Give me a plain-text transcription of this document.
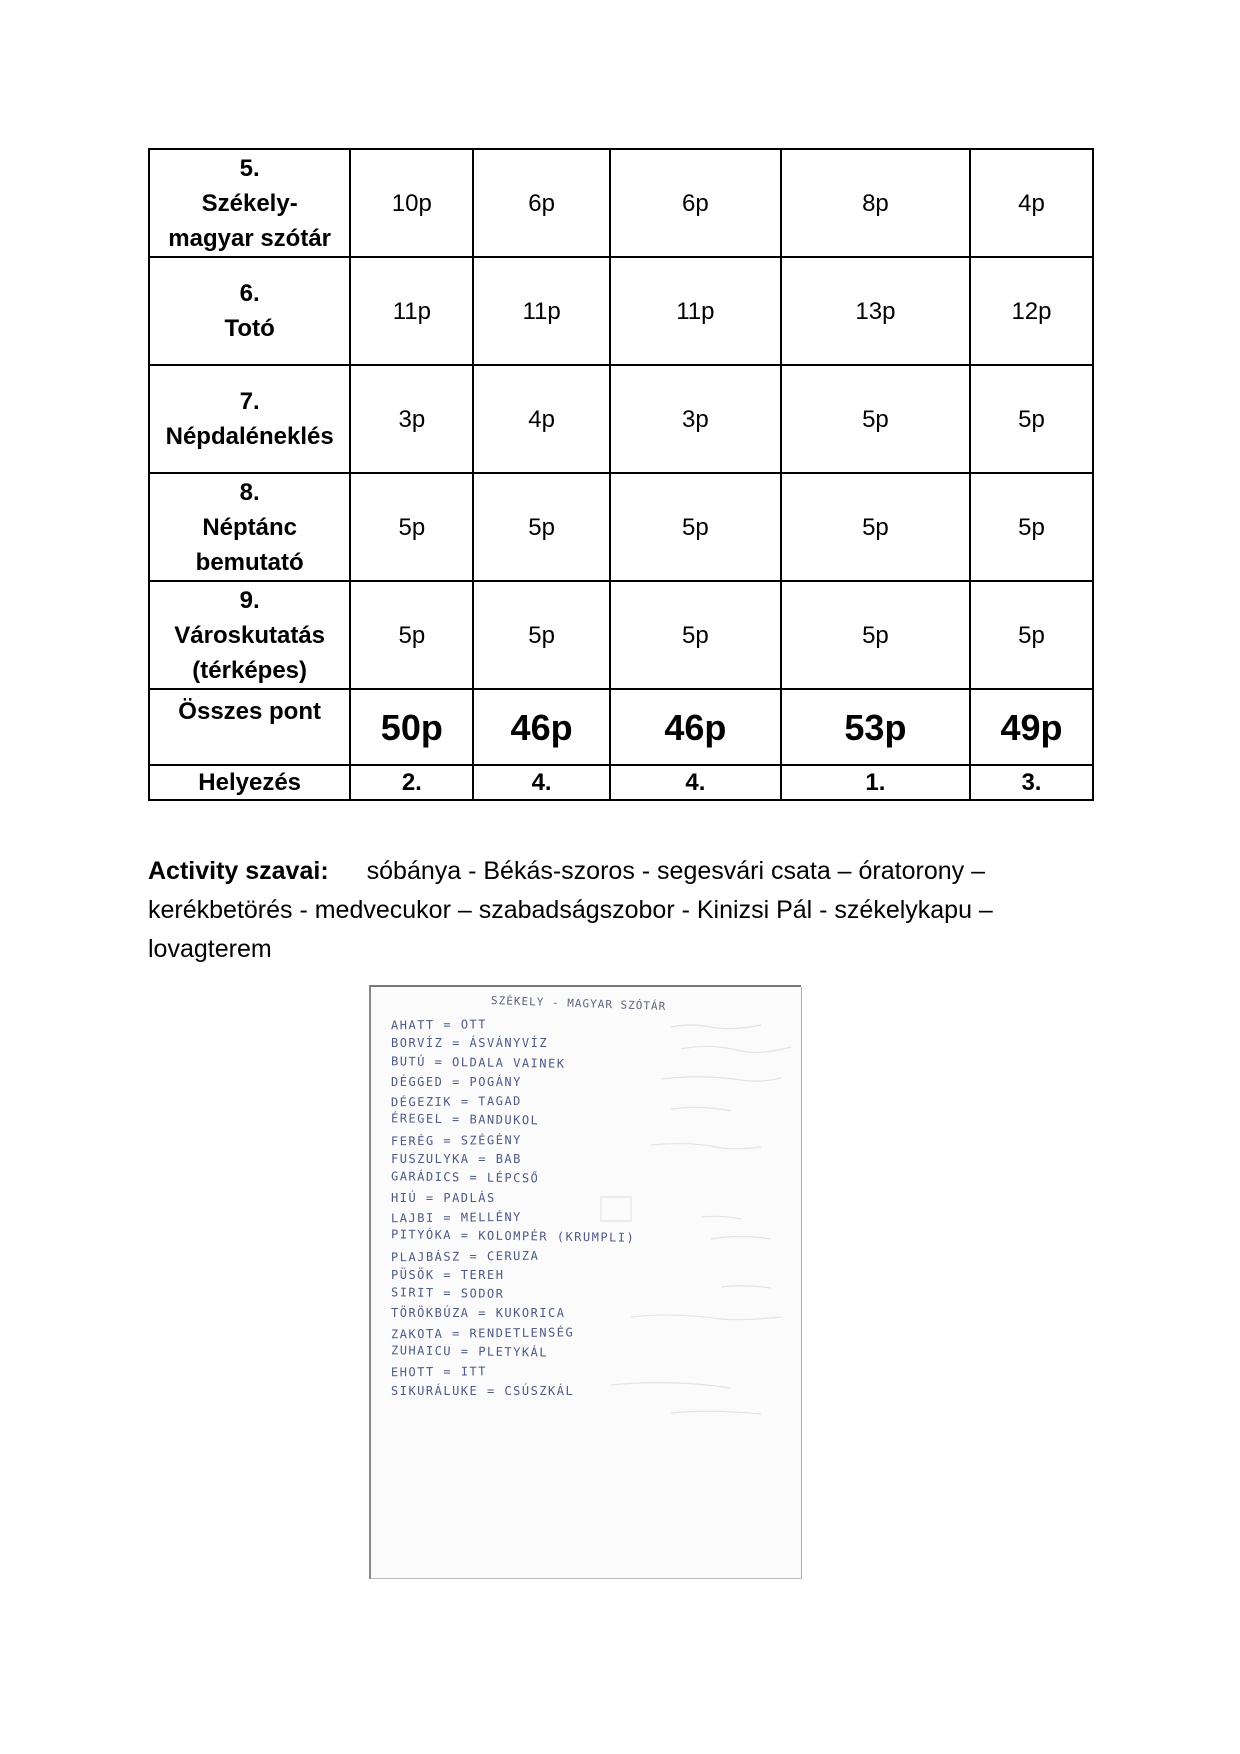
5.
Székely-
magyar szótár	10p	6p	6p	8p	4p

6.
Totó	11p	11p	11p	13p	12p

7.
Népdaléneklés	3p	4p	3p	5p	5p

8.
Néptánc
bemutató	5p	5p	5p	5p	5p

9.
Városkutatás
(térképes)	5p	5p	5p	5p	5p
Összes pont	50p	46p	46p	53p	49p
Helyezés	2.	4.	4.	1.	3.
Activity szavai: sóbánya - Békás-szoros - segesvári csata – óratorony – kerékbetörés - medvecukor – szabadságszobor - Kinizsi Pál - székelykapu – lovagterem
SZÉKELY - MAGYAR SZÓTÁR
AHATT = OTT
BORVÍZ = ÁSVÁNYVÍZ
BUTÚ = OLDALA VAINEK
DÉGGED = POGÁNY
DÉGEZIK = TAGAD
ÉREGEL = BANDUKOL
FERÉG = SZÉGÉNY
FUSZULYKA = BAB
GARÁDICS = LÉPCSŐ
HIÚ = PADLÁS
LAJBI = MELLÉNY
PITYÓKA = KOLOMPÉR (KRUMPLI)
PLAJBÁSZ = CERUZA
PÜSÖK = TEREH
SIRIT = SODOR
TÖRÖKBÚZA = KUKORICA
ZAKOTA = RENDETLENSÉG
ZUHAICU = PLETYKÁL
EHOTT = ITT
SIKURÁLUKE = CSÚSZKÁL
